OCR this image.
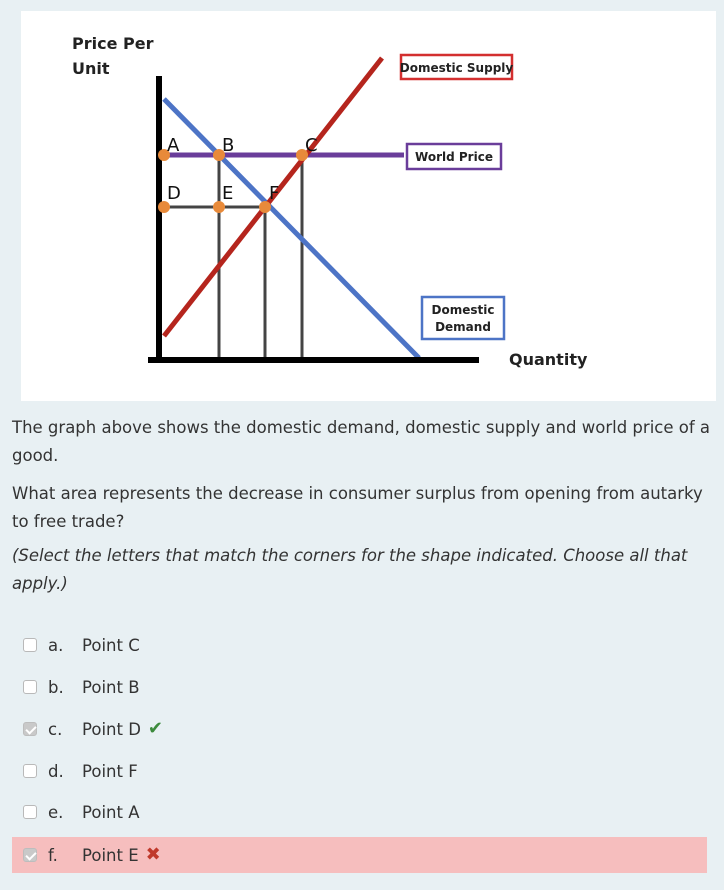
Price Per
Unit
A B	C
D E F
Domestic Supply
World Price
Domestic
Demand
Quantity

The graph above shows the domestic demand, domestic supply and world price of a good.

What area represents the decrease in consumer surplus from opening from autarky to free trade?

(Select the letters that match the corners for the shape indicated. Choose all that apply.)

a.	Point C
b.	Point B
c.	Point D ✔
d.	Point F
e.	Point A
f.	Point E ✖
